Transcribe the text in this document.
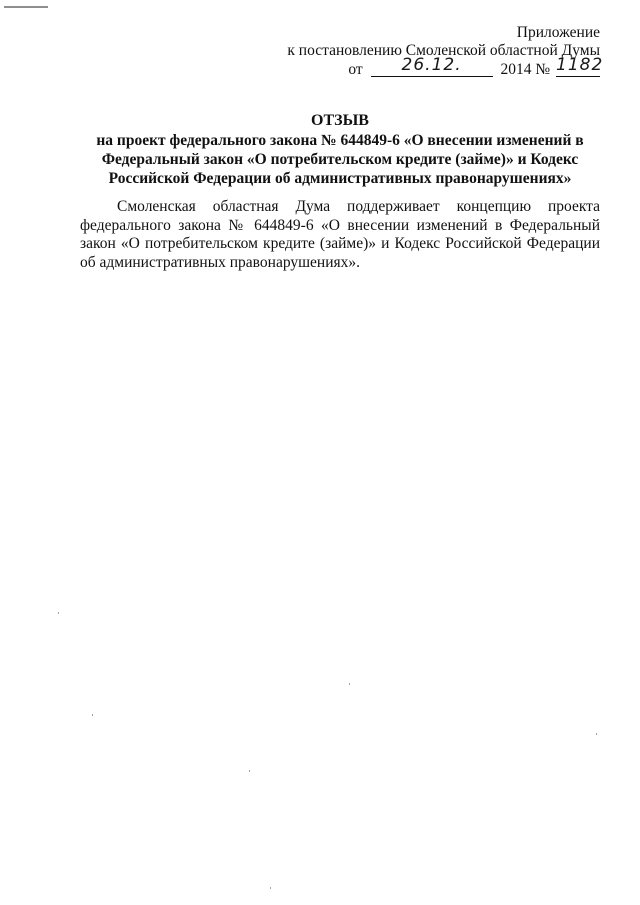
Приложение
к постановлению Смоленской областной Думы
от 26.12.	2014 № 1182
ОТЗЫВ
на проект федерального закона № 644849-6 «О внесении изменений в
Федеральный закон «О потребительском кредите (займе)» и Кодекс
Российской Федерации об административных правонарушениях»

Смоленская областная Дума поддерживает концепцию проекта федерального закона № 644849-6 «О внесении изменений в Федеральный закон «О потребительском кредите (займе)» и Кодекс Российской Федерации об административных правонарушениях».
